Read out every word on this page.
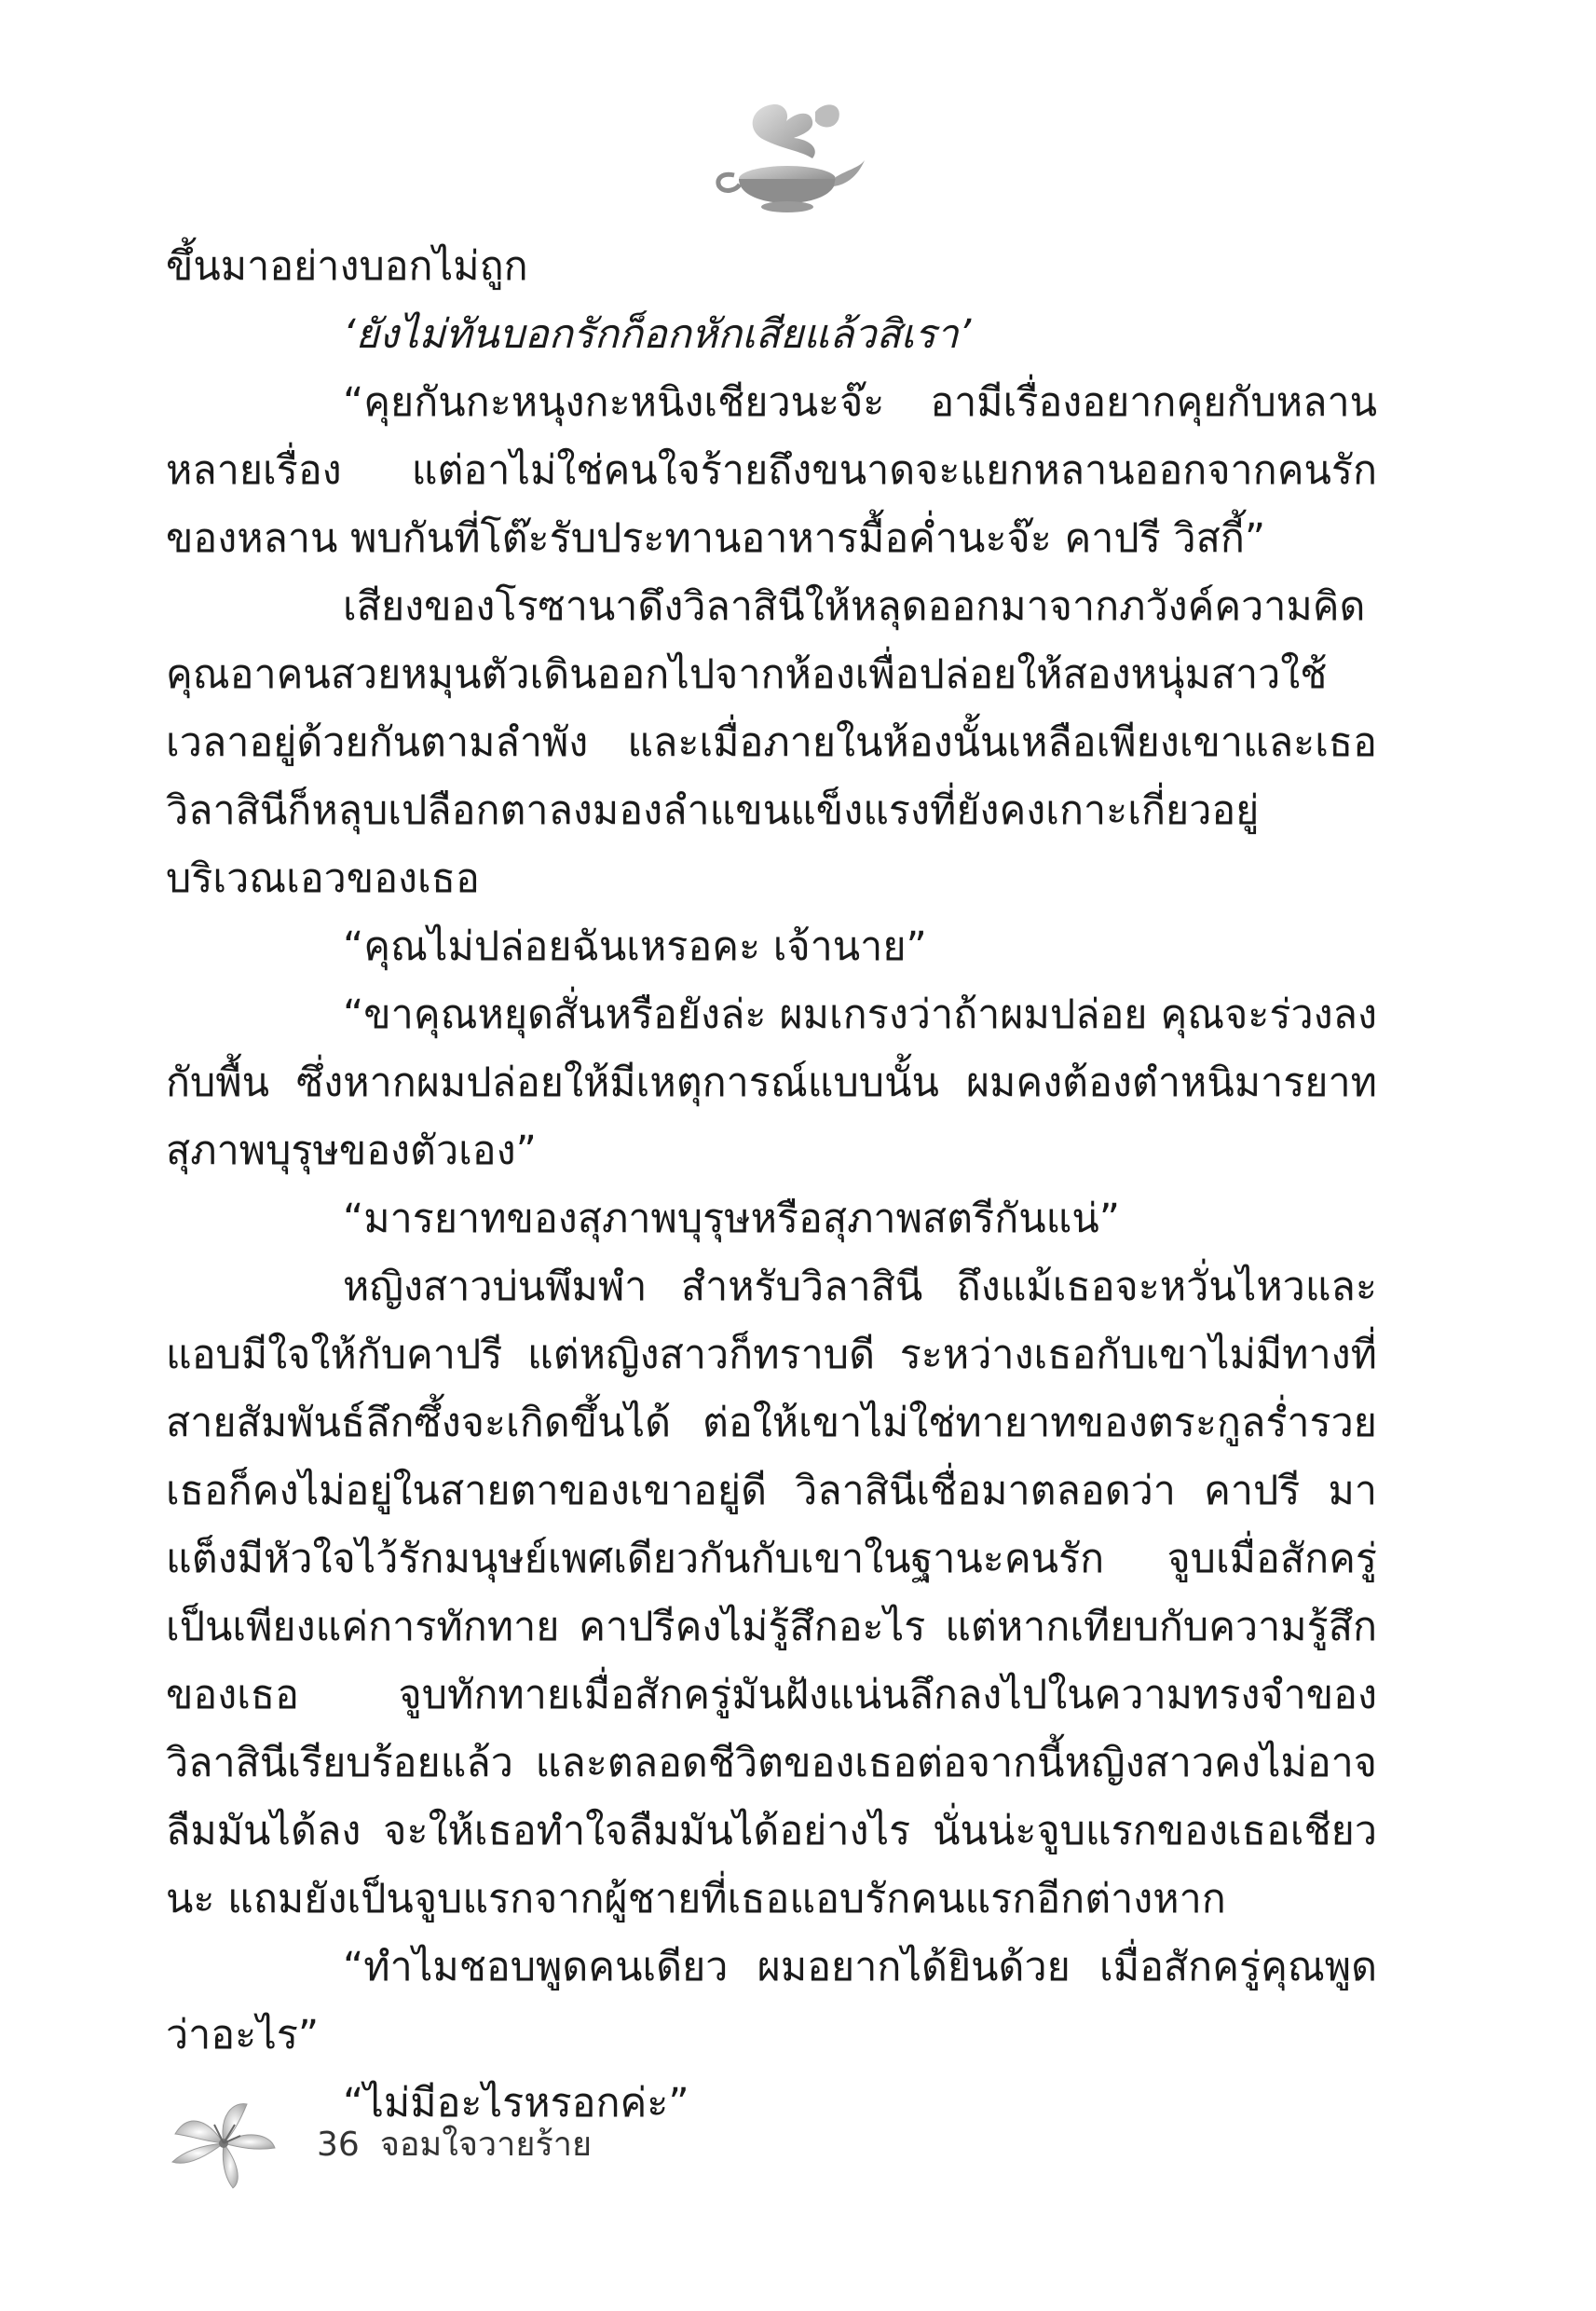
ขึ้นมาอย่างบอกไม่ถูก

‘ยังไม่ทันบอกรักก็อกหักเสียแล้วสิเรา’

“คุยกันกะหนุงกะหนิงเชียวนะจ๊ะ อามีเรื่องอยากคุยกับหลานหลายเรื่อง แต่อาไม่ใช่คนใจร้ายถึงขนาดจะแยกหลานออกจากคนรักของหลาน พบกันที่โต๊ะรับประทานอาหารมื้อค่ำนะจ๊ะ คาปรี วิสกี้”

เสียงของโรซานาดึงวิลาสินีให้หลุดออกมาจากภวังค์ความคิด คุณอาคนสวยหมุนตัวเดินออกไปจากห้องเพื่อปล่อยให้สองหนุ่มสาวใช้เวลาอยู่ด้วยกันตามลำพัง และเมื่อภายในห้องนั้นเหลือเพียงเขาและเธอ วิลาสินีก็หลุบเปลือกตาลงมองลำแขนแข็งแรงที่ยังคงเกาะเกี่ยวอยู่บริเวณเอวของเธอ

“คุณไม่ปล่อยฉันเหรอคะ เจ้านาย”

“ขาคุณหยุดสั่นหรือยังล่ะ ผมเกรงว่าถ้าผมปล่อย คุณจะร่วงลงกับพื้น ซึ่งหากผมปล่อยให้มีเหตุการณ์แบบนั้น ผมคงต้องตำหนิมารยาทสุภาพบุรุษของตัวเอง”

“มารยาทของสุภาพบุรุษหรือสุภาพสตรีกันแน่”

หญิงสาวบ่นพึมพำ สำหรับวิลาสินี ถึงแม้เธอจะหวั่นไหวและแอบมีใจให้กับคาปรี แต่หญิงสาวก็ทราบดี ระหว่างเธอกับเขาไม่มีทางที่สายสัมพันธ์ลึกซึ้งจะเกิดขึ้นได้ ต่อให้เขาไม่ใช่ทายาทของตระกูลร่ำรวยเธอก็คงไม่อยู่ในสายตาของเขาอยู่ดี วิลาสินีเชื่อมาตลอดว่า คาปรี มาแต็งมีหัวใจไว้รักมนุษย์เพศเดียวกันกับเขาในฐานะคนรัก จูบเมื่อสักครู่เป็นเพียงแค่การทักทาย คาปรีคงไม่รู้สึกอะไร แต่หากเทียบกับความรู้สึกของเธอ จูบทักทายเมื่อสักครู่มันฝังแน่นลึกลงไปในความทรงจำของวิลาสินีเรียบร้อยแล้ว และตลอดชีวิตของเธอต่อจากนี้หญิงสาวคงไม่อาจลืมมันได้ลง จะให้เธอทำใจลืมมันได้อย่างไร นั่นน่ะจูบแรกของเธอเชียวนะ แถมยังเป็นจูบแรกจากผู้ชายที่เธอแอบรักคนแรกอีกต่างหาก

“ทำไมชอบพูดคนเดียว ผมอยากได้ยินด้วย เมื่อสักครู่คุณพูดว่าอะไร”

“ไม่มีอะไรหรอกค่ะ”

36 จอมใจวายร้าย
